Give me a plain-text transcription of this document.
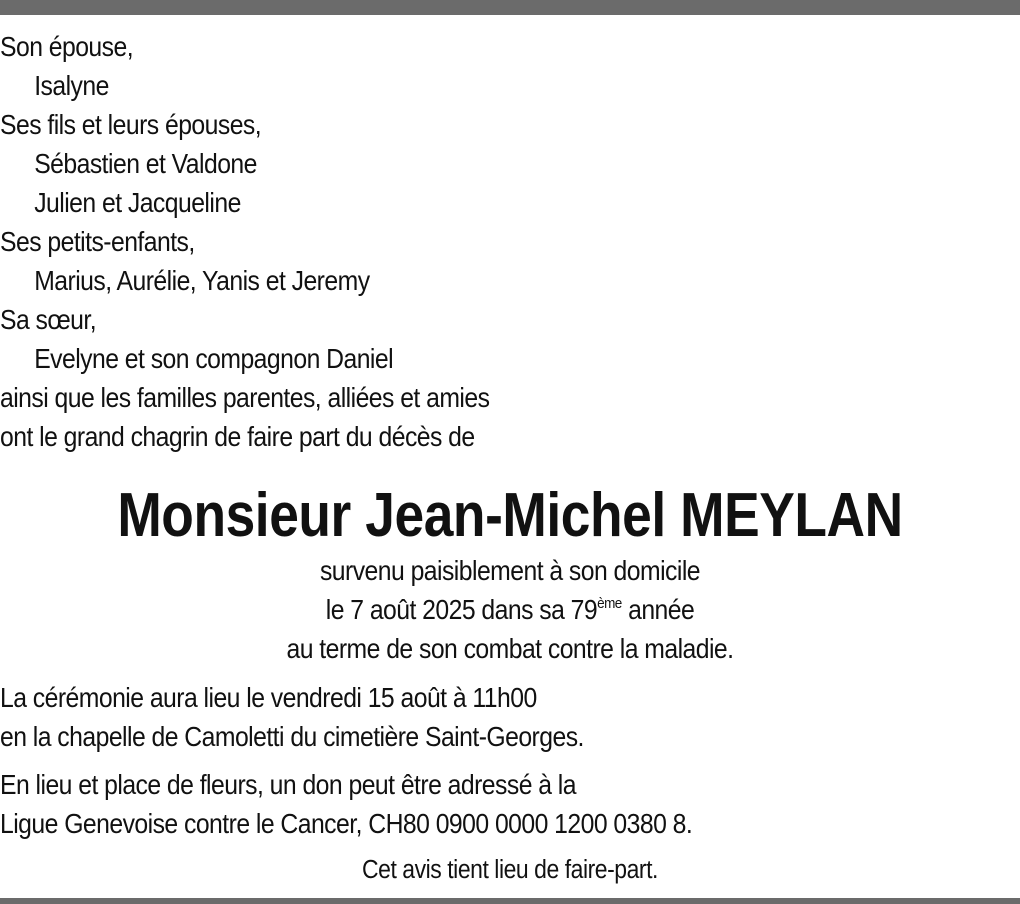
Son épouse,
Isalyne
Ses fils et leurs épouses,
Sébastien et Valdone
Julien et Jacqueline
Ses petits-enfants,
Marius, Aurélie, Yanis et Jeremy
Sa sœur,
Evelyne et son compagnon Daniel
ainsi que les familles parentes, alliées et amies
ont le grand chagrin de faire part du décès de
Monsieur Jean-Michel MEYLAN
survenu paisiblement à son domicile
le 7 août 2025 dans sa 79ème année
au terme de son combat contre la maladie.
La cérémonie aura lieu le vendredi 15 août à 11h00
en la chapelle de Camoletti du cimetière Saint-Georges.
En lieu et place de fleurs, un don peut être adressé à la
Ligue Genevoise contre le Cancer, CH80 0900 0000 1200 0380 8.
Cet avis tient lieu de faire-part.
